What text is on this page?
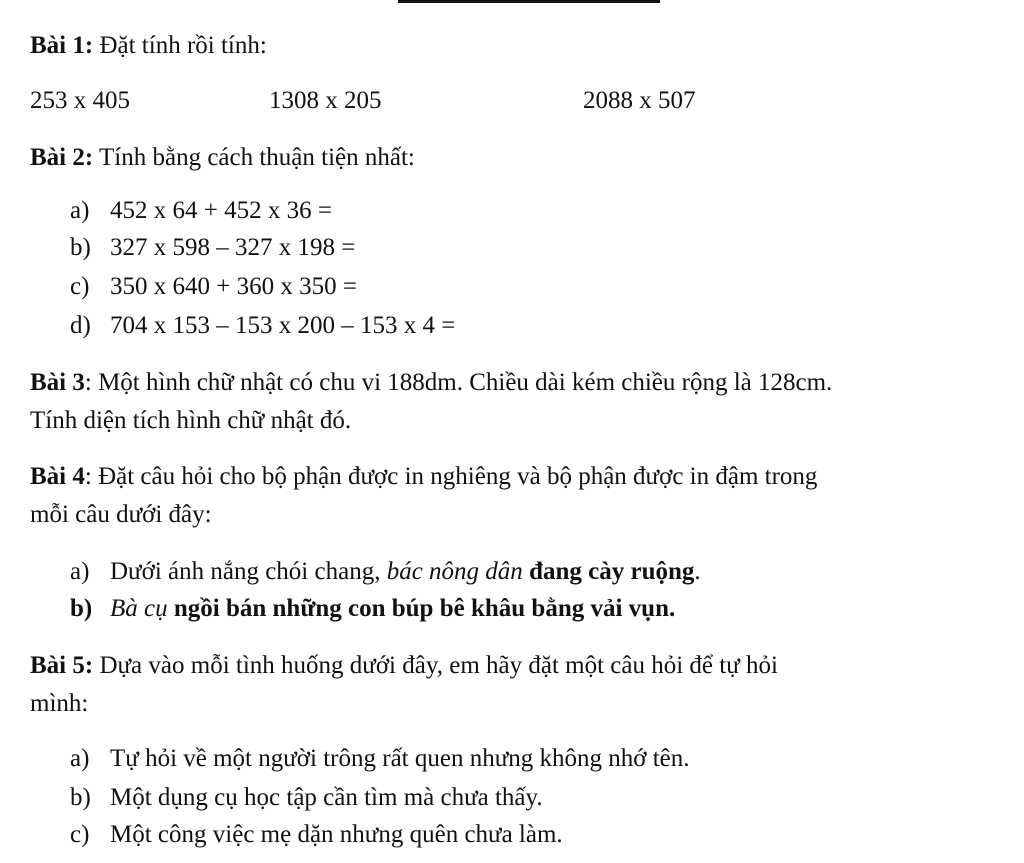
Bài 1: Đặt tính rồi tính:
253 x 405	1308 x 205	2088 x 507
Bài 2: Tính bằng cách thuận tiện nhất:
a) 452 x 64 + 452 x 36 =
b) 327 x 598 – 327 x 198 =
c) 350 x 640 + 360 x 350 =
d) 704 x 153 – 153 x 200 – 153 x 4 =
Bài 3: Một hình chữ nhật có chu vi 188dm. Chiều dài kém chiều rộng là 128cm.
Tính diện tích hình chữ nhật đó.
Bài 4: Đặt câu hỏi cho bộ phận được in nghiêng và bộ phận được in đậm trong
mỗi câu dưới đây:
a) Dưới ánh nắng chói chang, bác nông dân đang cày ruộng.
b) Bà cụ ngồi bán những con búp bê khâu bằng vải vụn.
Bài 5: Dựa vào mỗi tình huống dưới đây, em hãy đặt một câu hỏi để tự hỏi
mình:
a) Tự hỏi về một người trông rất quen nhưng không nhớ tên.
b) Một dụng cụ học tập cần tìm mà chưa thấy.
c) Một công việc mẹ dặn nhưng quên chưa làm.
